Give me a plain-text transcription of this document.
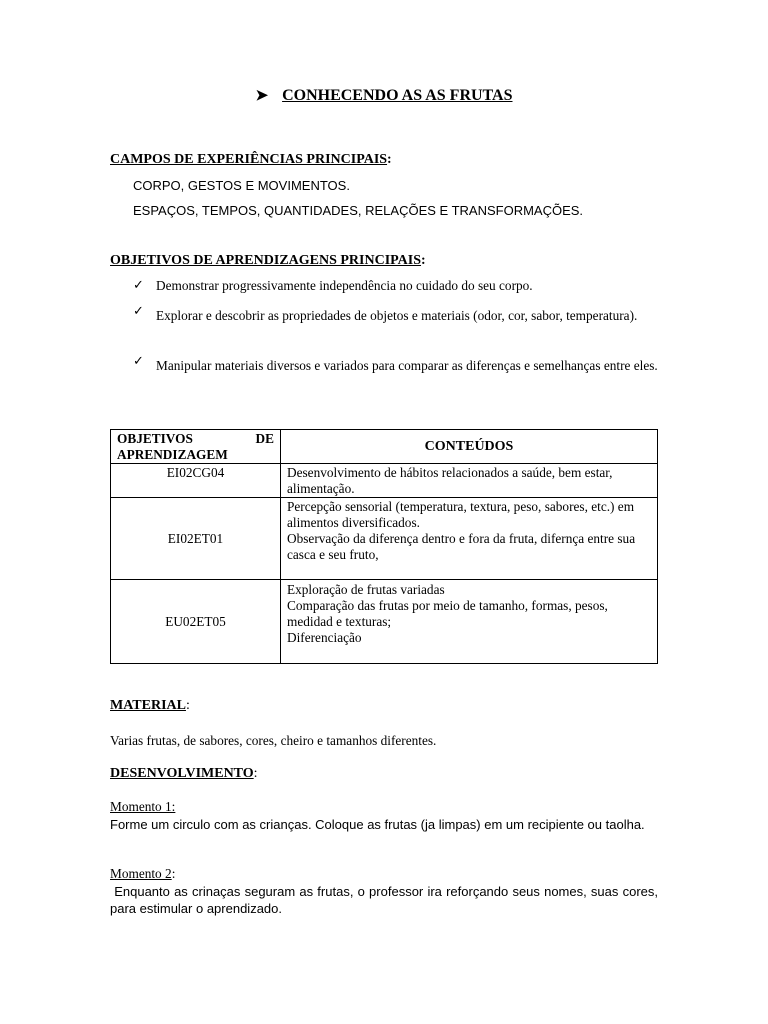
➤ CONHECENDO AS AS FRUTAS
CAMPOS DE EXPERIÊNCIAS PRINCIPAIS:
CORPO, GESTOS E MOVIMENTOS.
ESPAÇOS, TEMPOS, QUANTIDADES, RELAÇÕES E TRANSFORMAÇÕES.
OBJETIVOS DE APRENDIZAGENS PRINCIPAIS:
✓ Demonstrar progressivamente independência no cuidado do seu corpo.
✓ Explorar e descobrir as propriedades de objetos e materiais (odor, cor, sabor, temperatura).
✓ Manipular materiais diversos e variados para comparar as diferenças e semelhanças entre eles.
OBJETIVOS DE APRENDIZAGEM	CONTEÚDOS
EI02CG04	Desenvolvimento de hábitos relacionados a saúde, bem estar, alimentação.

EI02ET01	Percepção sensorial (temperatura, textura, peso, sabores, etc.) em alimentos diversificados.
Observação da diferença dentro e fora da fruta, difernça entre sua casca e seu fruto,

EU02ET05	Exploração de frutas variadas
Comparação das frutas por meio de tamanho, formas, pesos, medidad e texturas;
Diferenciação
MATERIAL:
Varias frutas, de sabores, cores, cheiro e tamanhos diferentes.
DESENVOLVIMENTO:
Momento 1:
Forme um circulo com as crianças. Coloque as frutas (ja limpas) em um recipiente ou taolha.
Momento 2:
Enquanto as crinaças seguram as frutas, o professor ira reforçando seus nomes, suas cores, para estimular o aprendizado.
